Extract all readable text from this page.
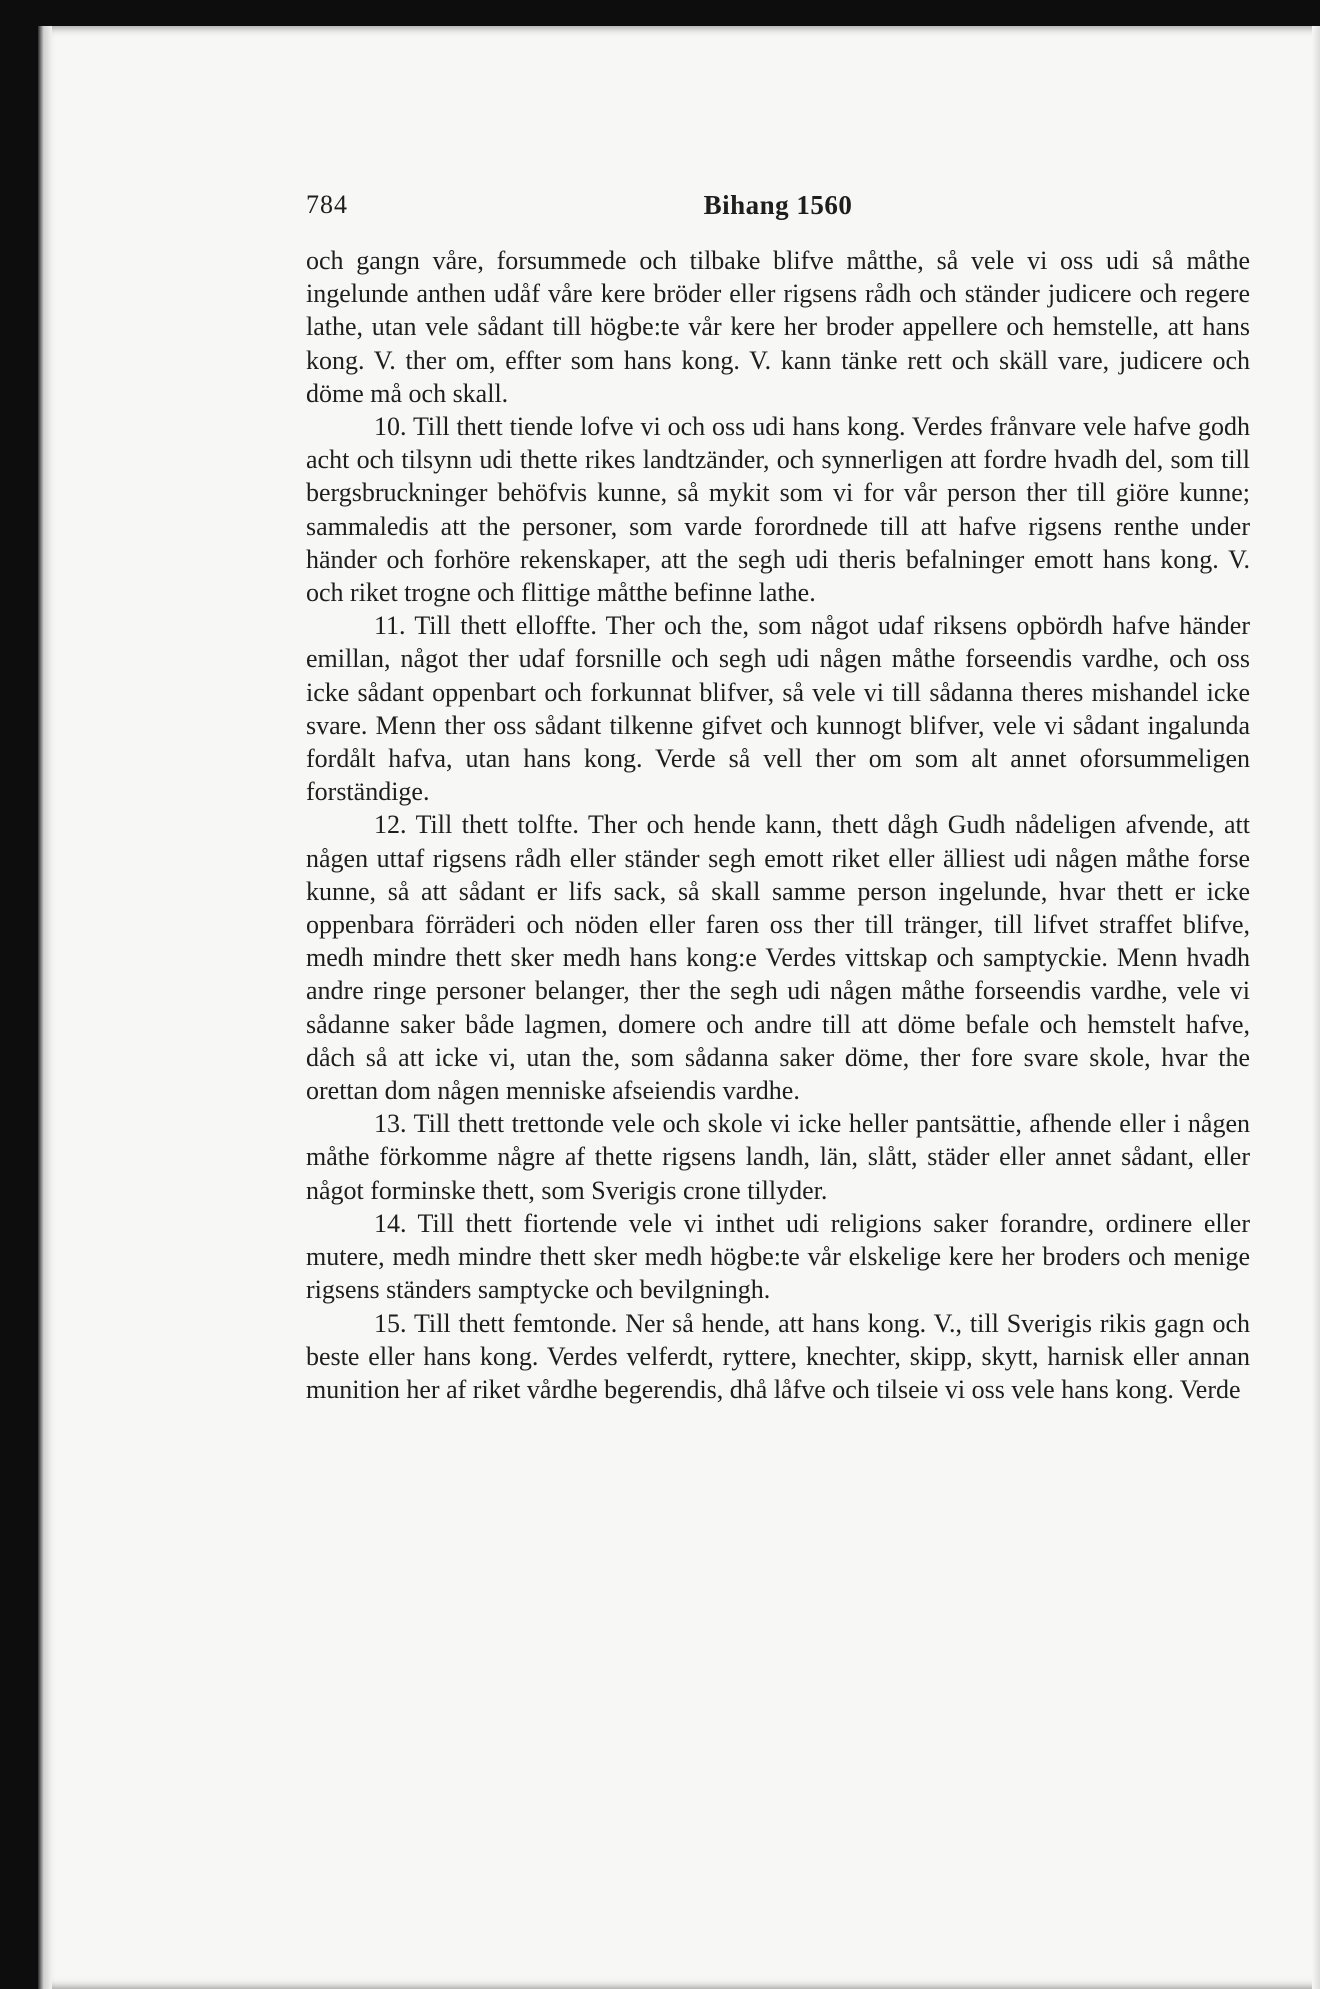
784	Bihang 1560

och gangn våre, forsummede och tilbake blifve måtthe, så vele vi oss udi så måthe ingelunde anthen udåf våre kere bröder eller rigsens rådh och ständer judicere och regere lathe, utan vele sådant till högbe:te vår kere her broder appellere och hemstelle, att hans kong. V. ther om, effter som hans kong. V. kann tänke rett och skäll vare, judicere och döme må och skall.

10. Till thett tiende lofve vi och oss udi hans kong. Verdes frånvare vele hafve godh acht och tilsynn udi thette rikes landtzänder, och synnerligen att fordre hvadh del, som till bergsbruckninger behöfvis kunne, så mykit som vi for vår person ther till giöre kunne; sammaledis att the personer, som varde forordnede till att hafve rigsens renthe under händer och forhöre rekenskaper, att the segh udi theris befalninger emott hans kong. V. och riket trogne och flittige måtthe befinne lathe.

11. Till thett elloffte. Ther och the, som något udaf riksens opbördh hafve händer emillan, något ther udaf forsnille och segh udi någen måthe forseendis vardhe, och oss icke sådant oppenbart och forkunnat blifver, så vele vi till sådanna theres mishandel icke svare. Menn ther oss sådant tilkenne gifvet och kunnogt blifver, vele vi sådant ingalunda fordålt hafva, utan hans kong. Verde så vell ther om som alt annet oforsummeligen forständige.

12. Till thett tolfte. Ther och hende kann, thett dågh Gudh nådeligen afvende, att någen uttaf rigsens rådh eller ständer segh emott riket eller älliest udi någen måthe forse kunne, så att sådant er lifs sack, så skall samme person ingelunde, hvar thett er icke oppenbara förräderi och nöden eller faren oss ther till tränger, till lifvet straffet blifve, medh mindre thett sker medh hans kong:e Verdes vittskap och samptyckie. Menn hvadh andre ringe personer belanger, ther the segh udi någen måthe forseendis vardhe, vele vi sådanne saker både lagmen, domere och andre till att döme befale och hemstelt hafve, dåch så att icke vi, utan the, som sådanna saker döme, ther fore svare skole, hvar the orettan dom någen menniske afseiendis vardhe.

13. Till thett trettonde vele och skole vi icke heller pantsättie, afhende eller i någen måthe förkomme någre af thette rigsens landh, län, slått, städer eller annet sådant, eller något forminske thett, som Sverigis crone tillyder.

14. Till thett fiortende vele vi inthet udi religions saker forandre, ordinere eller mutere, medh mindre thett sker medh högbe:te vår elskelige kere her broders och menige rigsens ständers samptycke och bevilgningh.

15. Till thett femtonde. Ner så hende, att hans kong. V., till Sverigis rikis gagn och beste eller hans kong. Verdes velferdt, ryttere, knechter, skipp, skytt, harnisk eller annan munition her af riket vårdhe begerendis, dhå låfve och tilseie vi oss vele hans kong. Verde
